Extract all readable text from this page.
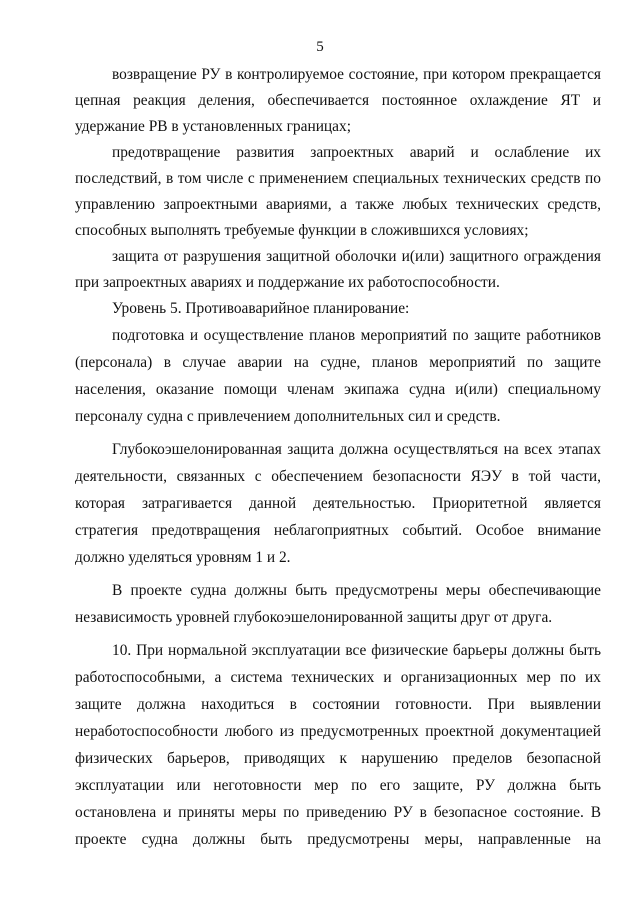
5

возвращение РУ в контролируемое состояние, при котором прекращается цепная реакция деления, обеспечивается постоянное охлаждение ЯТ и удержание РВ в установленных границах;

предотвращение развития запроектных аварий и ослабление их последствий, в том числе с применением специальных технических средств по управлению запроектными авариями, а также любых технических средств, способных выполнять требуемые функции в сложившихся условиях;

защита от разрушения защитной оболочки и(или) защитного ограждения при запроектных авариях и поддержание их работоспособности.

Уровень 5. Противоаварийное планирование:

подготовка и осуществление планов мероприятий по защите работников (персонала) в случае аварии на судне, планов мероприятий по защите населения, оказание помощи членам экипажа судна и(или) специальному персоналу судна с привлечением дополнительных сил и средств.

Глубокоэшелонированная защита должна осуществляться на всех этапах деятельности, связанных с обеспечением безопасности ЯЭУ в той части, которая затрагивается данной деятельностью. Приоритетной является стратегия предотвращения неблагоприятных событий. Особое внимание должно уделяться уровням 1 и 2.

В проекте судна должны быть предусмотрены меры обеспечивающие независимость уровней глубокоэшелонированной защиты друг от друга.

10. При нормальной эксплуатации все физические барьеры должны быть работоспособными, а система технических и организационных мер по их защите должна находиться в состоянии готовности. При выявлении неработоспособности любого из предусмотренных проектной документацией физических барьеров, приводящих к нарушению пределов безопасной эксплуатации или неготовности мер по его защите, РУ должна быть остановлена и приняты меры по приведению РУ в безопасное состояние. В проекте судна должны быть предусмотрены меры, направленные на
